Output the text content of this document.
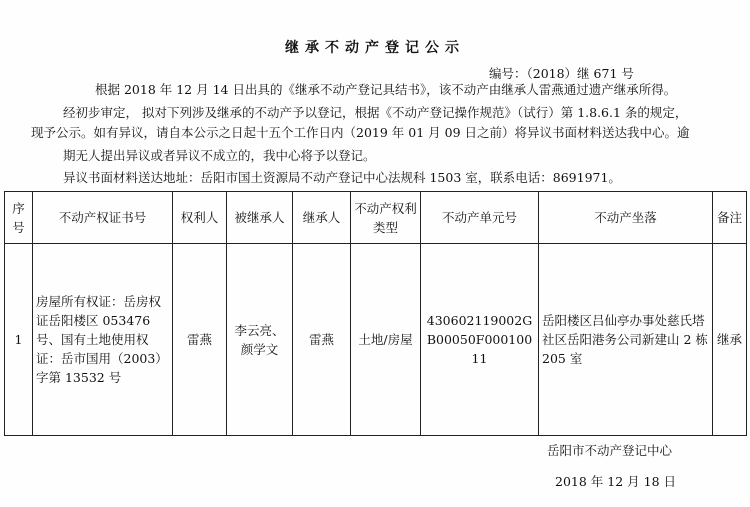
继承不动产登记公示
编号：（2018）继 671 号
根据 2018 年 12 月 14 日出具的《继承不动产登记具结书》，该不动产由继承人雷燕通过遗产继承所得。
经初步审定， 拟对下列涉及继承的不动产予以登记，根据《不动产登记操作规范》（试行）第 1.8.6.1 条的规定，
现予公示。如有异议，请自本公示之日起十五个工作日内（2019 年 01 月 09 日之前）将异议书面材料送达我中心。逾
期无人提出异议或者异议不成立的，我中心将予以登记。
异议书面材料送达地址：岳阳市国土资源局不动产登记中心法规科 1503 室，联系电话：8691971。
序号	不动产权证书号	权利人	被继承人	继承人	不动产权利类型	不动产单元号	不动产坐落	备注
1	房屋所有权证：岳房权证岳阳楼区 053476 号、国有土地使用权证：岳市国用（2003）字第 13532 号	雷燕	李云亮、颜学文	雷燕	土地/房屋	430602119002GB00050F00010011	岳阳楼区吕仙亭办事处慈氏塔社区岳阳港务公司新建山 2 栋 205 室	继承
岳阳市不动产登记中心
2018 年 12 月 18 日
